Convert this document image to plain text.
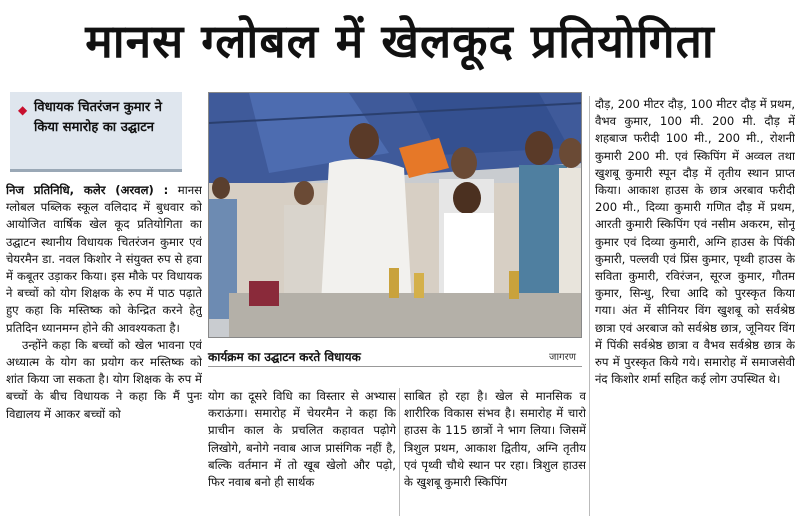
मानस ग्लोबल में खेलकूद प्रतियोगिता
◆ विधायक चितरंजन कुमार ने किया समारोह का उद्घाटन

निज प्रतिनिधि, कलेर (अरवल) : मानस ग्लोबल पब्लिक स्कूल वलिदाद में बुधवार को आयोजित वार्षिक खेल कूद प्रतियोगिता का उद्घाटन स्थानीय विधायक चितरंजन कुमार एवं चेयरमैन डा. नवल किशोर ने संयुक्त रुप से हवा में कबूतर उड़ाकर किया। इस मौके पर विधायक ने बच्चों को योग शिक्षक के रुप में पाठ पढ़ाते हुए कहा कि मस्तिष्क को केन्द्रित करने हेतु प्रतिदिन ध्यानमग्न होने की आवश्यकता है।

उन्होंने कहा कि बच्चों को खेल भावना एवं अध्यात्म के योग का प्रयोग कर मस्तिष्क को शांत किया जा सकता है। योग शिक्षक के रुप में बच्चों के बीच विधायक ने कहा कि मैं पुनः विद्यालय में आकर बच्चों को

कार्यक्रम का उद्घाटन करते विधायक	जागरण

योग का दूसरे विधि का विस्तार से अभ्यास कराऊंगा। समारोह में चेयरमैन ने कहा कि प्राचीन काल के प्रचलित कहावत पढ़ोगे लिखोगे, बनोगे नवाब आज प्रासंगिक नहीं है, बल्कि वर्तमान में तो खूब खेलो और पढ़ो, फिर नवाब बनो ही सार्थक

साबित हो रहा है। खेल से मानसिक व शारीरिक विकास संभव है। समारोह में चारो हाउस के 115 छात्रों ने भाग लिया। जिसमें त्रिशुल प्रथम, आकाश द्वितीय, अग्नि तृतीय एवं पृथ्वी चौथे स्थान पर रहा। त्रिशुल हाउस के खुशबू कुमारी स्किपिंग

दौड़, 200 मीटर दौड़, 100 मीटर दौड़ में प्रथम, वैभव कुमार, 100 मी. 200 मी. दौड़ में शहबाज फरीदी 100 मी., 200 मी., रोशनी कुमारी 200 मी. एवं स्किपिंग में अव्वल तथा खुशबू कुमारी स्पून दौड़ में तृतीय स्थान प्राप्त किया। आकाश हाउस के छात्र अरबाव फरीदी 200 मी., दिव्या कुमारी गणित दौड़ में प्रथम, आरती कुमारी स्किपिंग एवं नसीम अकरम, सोनू कुमार एवं दिव्या कुमारी, अग्नि हाउस के पिंकी कुमारी, पल्लवी एवं प्रिंस कुमार, पृथ्वी हाउस के सविता कुमारी, रविरंजन, सूरज कुमार, गौतम कुमार, सिन्धु, रिचा आदि को पुरस्कृत किया गया। अंत में सीनियर विंग खुशबू को सर्वश्रेष्ठ छात्रा एवं अरबाज को सर्वश्रेष्ठ छात्र, जूनियर विंग में पिंकी सर्वश्रेष्ठ छात्रा व वैभव सर्वश्रेष्ठ छात्र के रुप में पुरस्कृत किये गये। समारोह में समाजसेवी नंद किशोर शर्मा सहित कई लोग उपस्थित थे।
